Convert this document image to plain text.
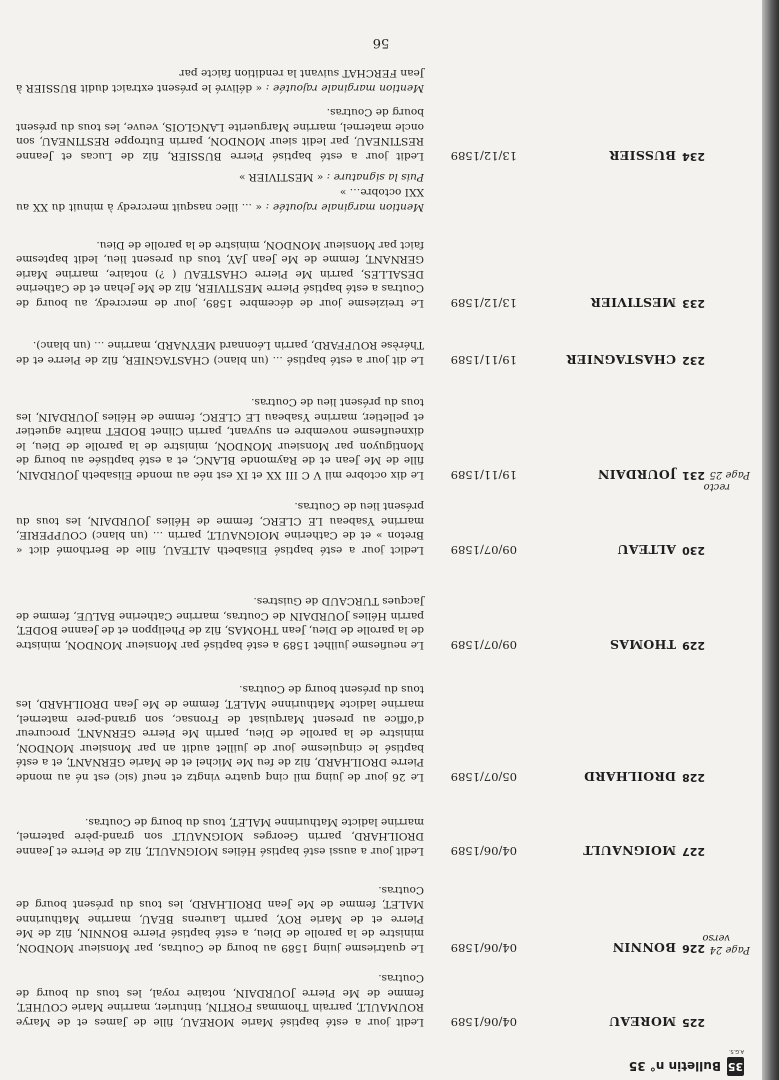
35
A.G.S.
Bulletin n° 35
225
MOREAU
04/06/1589

Ledit jour a esté baptisé Marie MOREAU, fille de James et de Marye ROUMAULT, parrain Thommas FORTIN, tinturier, marrine Marie COUHET, femme de Me Pierre JOURDAIN, notaire royal, les tous du bourg de Coutras.

Page 24
verso
226
BONNIN
04/06/1589

Le quatriesme juing 1589 au bourg de Coutras, par Monsieur MONDON, ministre de la parolle de Dieu, a esté baptisé Pierre BONNIN, filz de Me Pierre et de Marie ROY, parrin Laurens BEAU, marrine Mathurinne MALET, femme de Me Jean DROILHARD, les tous du présent bourg de Coutras.

227
MOIGNAULT
04/06/1589

Ledit jour a aussi esté baptisé Hélies MOIGNAULT, filz de Pierre et Jeanne DROILHARD, parrin Georges MOIGNAULT son grand-père paternel, marrine ladicte Mathurinne MALET, tous du bourg de Coutras.

228
DROILHARD
05/07/1589

Le 26 jour de juing mil cinq quatre vingtz et neuf (sic) est né au monde Pierre DROILHARD, filz de feu Me Michel et de Marie GERNANT, et a esté baptisé le cinquiesme jour de juillet audit an par Monsieur MONDON, ministre de la parolle de Dieu, parrin Me Pierre GERNANT, procureur d’office au present Marquisat de Fronsac, son grand-pere maternel, marrine ladicte Mathurinne MALET, femme de Me Jean DROILHARD, les tous du présent bourg de Coutras.

229
THOMAS
09/07/1589

Le neufiesme juilhet 1589 a esté baptisé par Monsieur MONDON, ministre de la parolle de Dieu, Jean THOMAS, filz de Phelippon et de Jeanne BODET, parrin Hélies JOURDAIN de Coutras, marrine Catherine BALUE, femme de Jacques TURCAUD de Guistres.

230
ALTEAU
09/07/1589

Ledict jour a esté baptisé Elisabeth ALTEAU, fille de Berthomé dict « Breton » et de Catherine MOIGNAULT, parrin ... (un blanc) COUPPERIE, marrine Ysabeau LE CLERC, femme de Hélies JOURDAIN, les tous du présent lieu de Coutras.

recto
Page 25
231
JOURDAIN
19/11/1589

Le dix octobre mil V C III XX et IX est née au monde Elisabeth JOURDAIN, fille de Me Jean et de Raymonde BLANC, et a esté baptisée au bourg de Montiguyon par Monsieur MONDON, ministre de la parolle de Dieu, le dixneufiesme novembre en suyvant, parrin Clinet BODET maitre aguetier et pelletier, marrine Ysabeau LE CLERC, femme de Hélies JOURDAIN, les tous du présent lieu de Coutras.

232
CHASTAGNIER
19/11/1589

Le dit jour a esté baptisé ... (un blanc) CHASTAGNIER, filz de Pierre et de Thérèse ROUFFARD, parrin Léonnard MEYNARD, marrine ... (un blanc).

233
MESTIVIER
13/12/1589

Le treiziesme jour de décembre 1589, jour de mercredy, au bourg de Coutras a esté baptisé Pierre MESTIVIER, filz de Me Jehan et de Catherine DESALLES, parrin Me Pierre CHASTEAU ( ?) notaire, marrine Marie GERNANT, femme de Me Jean JAY, tous du present lieu, ledit baptesme faict par Monsieur MONDON, ministre de la parolle de Dieu.

Mention marginale rajoutée : « ... illec nasquit mercredy à minuit du XX au XXI octobre… »

Puis la signature : « MESTIVIER »

234
BUSSIER
13/12/1589

Ledit jour a esté baptisé Pierre BUSSIER, filz de Lucas et Jeanne RESTINEAU, par ledit sieur MONDON, parrin Eutroppe RESTINEAU, son oncle maternel, marrine Marguerite LANGLOIS, veuve, les tous du présent bourg de Coutras.

Mention marginale rajoutée : « délivré le présent extraict dudit BUSSIER à Jean FERCHAT suivant la rendition faicte par

56
